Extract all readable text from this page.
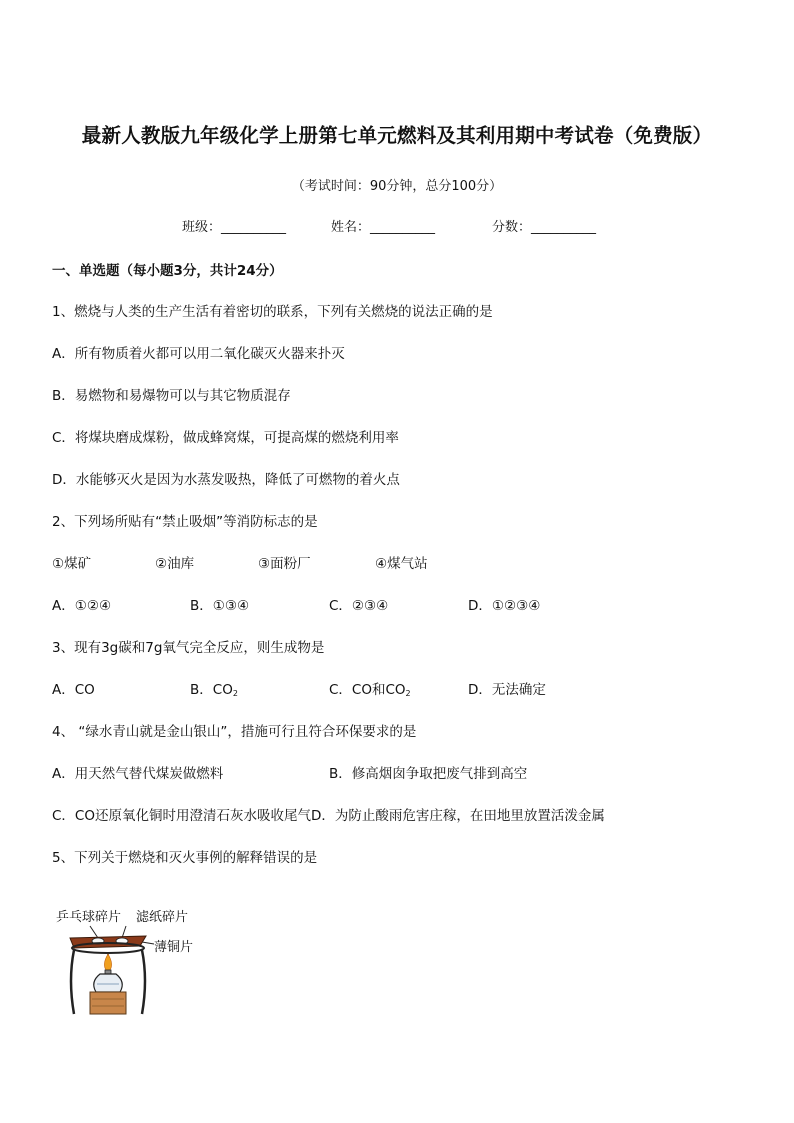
最新人教版九年级化学上册第七单元燃料及其利用期中考试卷（免费版）
（考试时间：90分钟，总分100分）
班级：__________	姓名：__________	分数：__________
一、单选题（每小题3分，共计24分）
1、燃烧与人类的生产生活有着密切的联系，下列有关燃烧的说法正确的是
A．所有物质着火都可以用二氧化碳灭火器来扑灭
B．易燃物和易爆物可以与其它物质混存
C．将煤块磨成煤粉，做成蜂窝煤，可提高煤的燃烧利用率
D．水能够灭火是因为水蒸发吸热，降低了可燃物的着火点
2、下列场所贴有“禁止吸烟”等消防标志的是
①煤矿	②油库	③面粉厂	④煤气站
A．①②④	B．①③④	C．②③④	D．①②③④
3、现有3g碳和7g氧气完全反应，则生成物是
A．CO	B．$CO_2$	C．CO和$CO_2$	D．无法确定
4、 “绿水青山就是金山银山”，措施可行且符合环保要求的是
A．用天然气替代煤炭做燃料	B．修高烟囱争取把废气排到高空
C．CO还原氧化铜时用澄清石灰水吸收尾气D．为防止酸雨危害庄稼，在田地里放置活泼金属
5、下列关于燃烧和灭火事例的解释错误的是
乒乓球碎片 滤纸碎片
薄铜片
